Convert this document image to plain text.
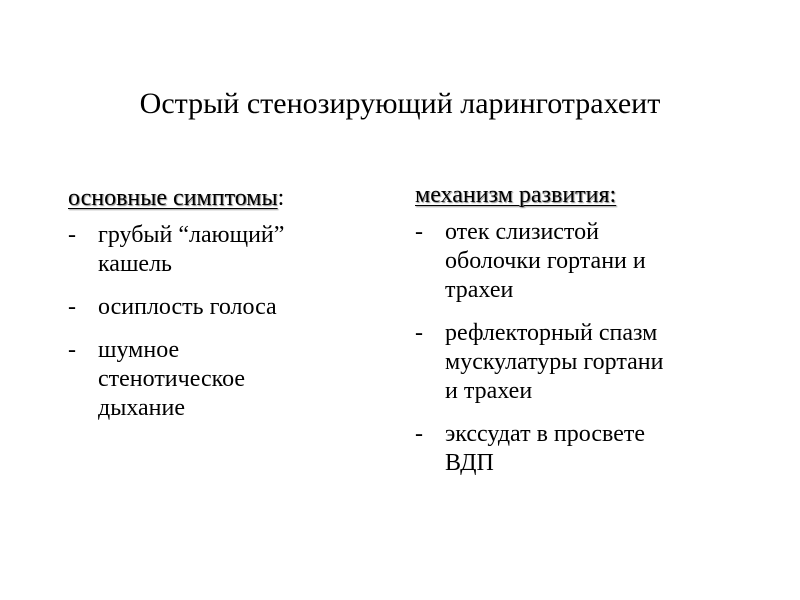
Острый стенозирующий ларинготрахеит

основные симптомы:

- грубый “лающий”
кашель
- осиплость голоса
- шумное
стенотическое
дыхание

механизм развития:

- отек слизистой
оболочки гортани и
трахеи
- рефлекторный спазм
мускулатуры гортани
и трахеи
- экссудат в просвете
ВДП
